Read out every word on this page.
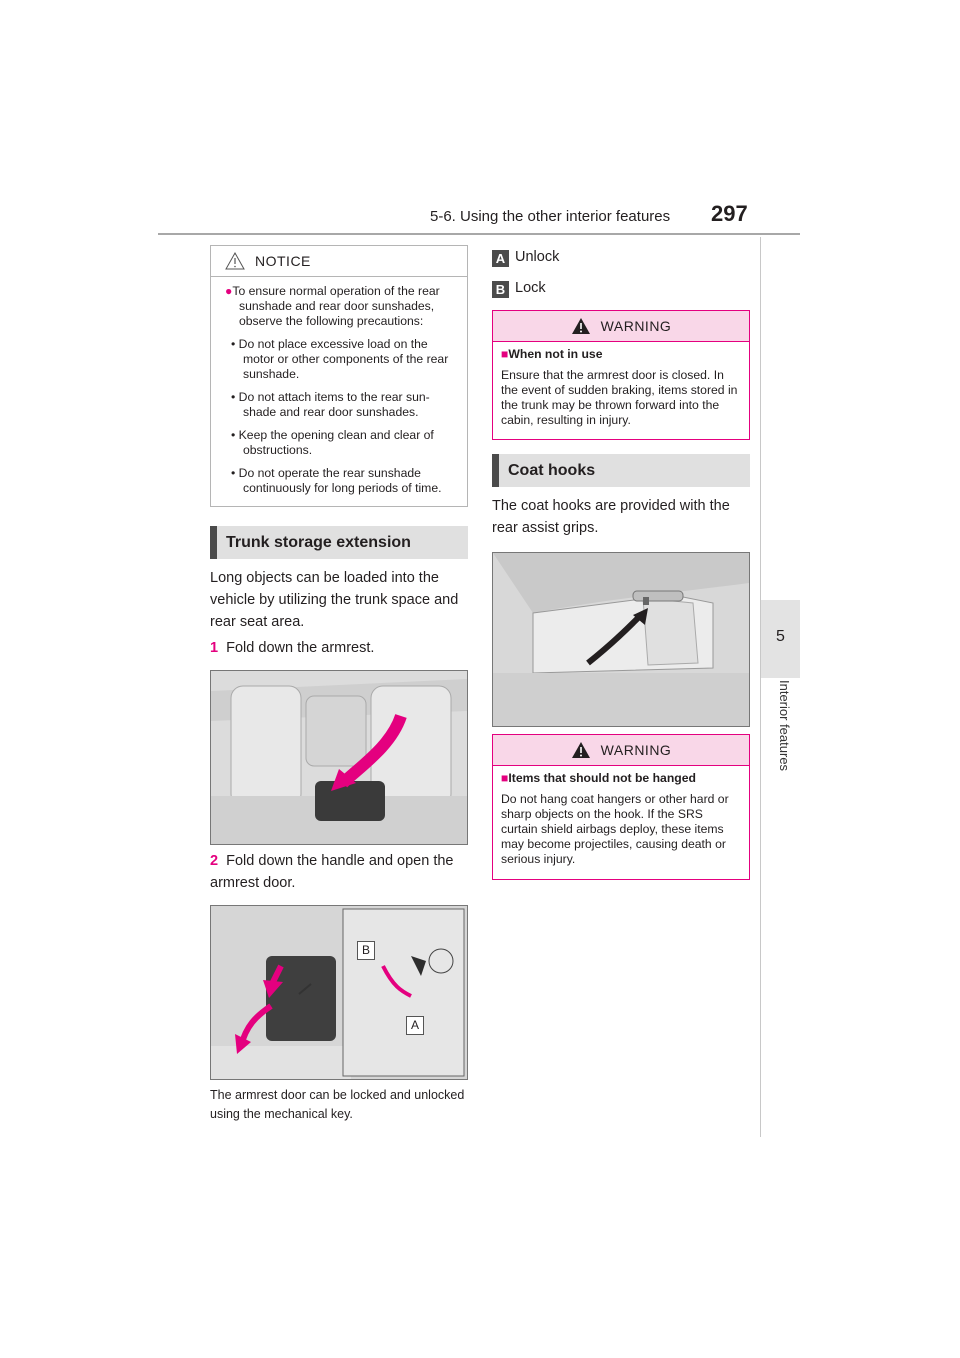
5-6. Using the other interior features 297
5
Interior features
NOTICE

●To ensure normal operation of the rear sunshade and rear door sunshades, observe the following precautions:

• Do not place excessive load on the motor or other components of the rear sunshade.

• Do not attach items to the rear sun-shade and rear door sunshades.

• Keep the opening clean and clear of obstructions.

• Do not operate the rear sunshade continuously for long periods of time.

Trunk storage extension
Long objects can be loaded into the vehicle by utilizing the trunk space and rear seat area.
1 Fold down the armrest.
2 Fold down the handle and open the armrest door.
B
A
The armrest door can be locked and unlocked using the mechanical key.
A Unlock
B Lock
WARNING
■When not in use
Ensure that the armrest door is closed. In the event of sudden braking, items stored in the trunk may be thrown forward into the cabin, resulting in injury.
Coat hooks
The coat hooks are provided with the rear assist grips.
WARNING
■Items that should not be hanged
Do not hang coat hangers or other hard or sharp objects on the hook. If the SRS curtain shield airbags deploy, these items may become projectiles, causing death or serious injury.
